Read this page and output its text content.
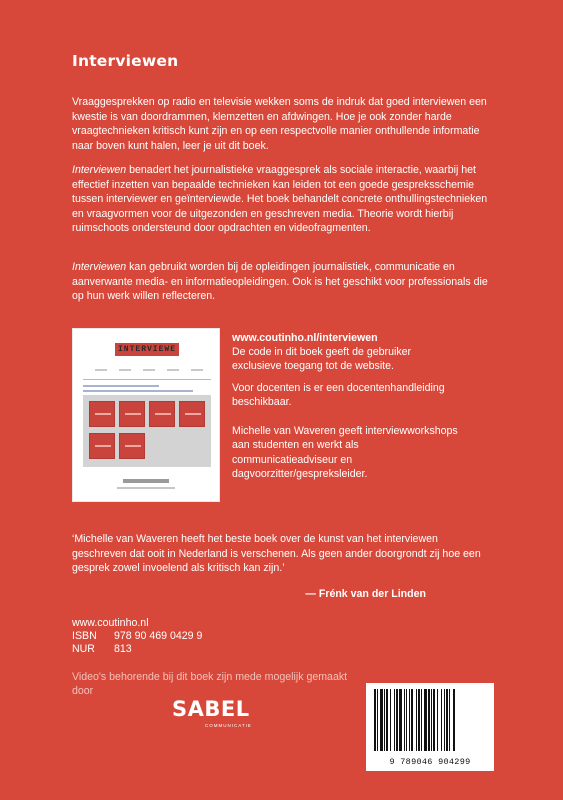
Interviewen

Vraaggesprekken op radio en televisie wekken soms de indruk dat goed interviewen een kwestie is van doordrammen, klemzetten en afdwingen. Hoe je ook zonder harde vraagtechnieken kritisch kunt zijn en op een respectvolle manier onthullende informatie naar boven kunt halen, leer je uit dit boek.

Interviewen benadert het journalistieke vraaggesprek als sociale interactie, waarbij het effectief inzetten van bepaalde technieken kan leiden tot een goede gespreksschemie tussen interviewer en geïnterviewde. Het boek behandelt concrete onthullingstechnieken en vraagvormen voor de uitgezonden en geschreven media. Theorie wordt hierbij ruimschoots ondersteund door opdrachten en videofragmenten.

Interviewen kan gebruikt worden bij de opleidingen journalistiek, communicatie en aanverwante media- en informatieopleidingen. Ook is het geschikt voor professionals die op hun werk willen reflecteren.

INTERVIEWE
www.coutinho.nl/interviewen

De code in dit boek geeft de gebruiker exclusieve toegang tot de website.

Voor docenten is er een docentenhandleiding beschikbaar.

Michelle van Waveren geeft interviewworkshops aan studenten en werkt als communicatieadviseur en dagvoorzitter/gespreksleider.

‘Michelle van Waveren heeft het beste boek over de kunst van het interviewen geschreven dat ooit in Nederland is verschenen. Als geen ander doorgrondt zij hoe een gesprek zowel invoelend als kritisch kan zijn.’

— Frénk van der Linden
www.coutinho.nl
ISBN	978 90 469 0429 9
NUR	813

Video's behorende bij dit boek zijn mede mogelijk gemaakt door

SABEL
COMMUNICATIE
9 789046 904299
